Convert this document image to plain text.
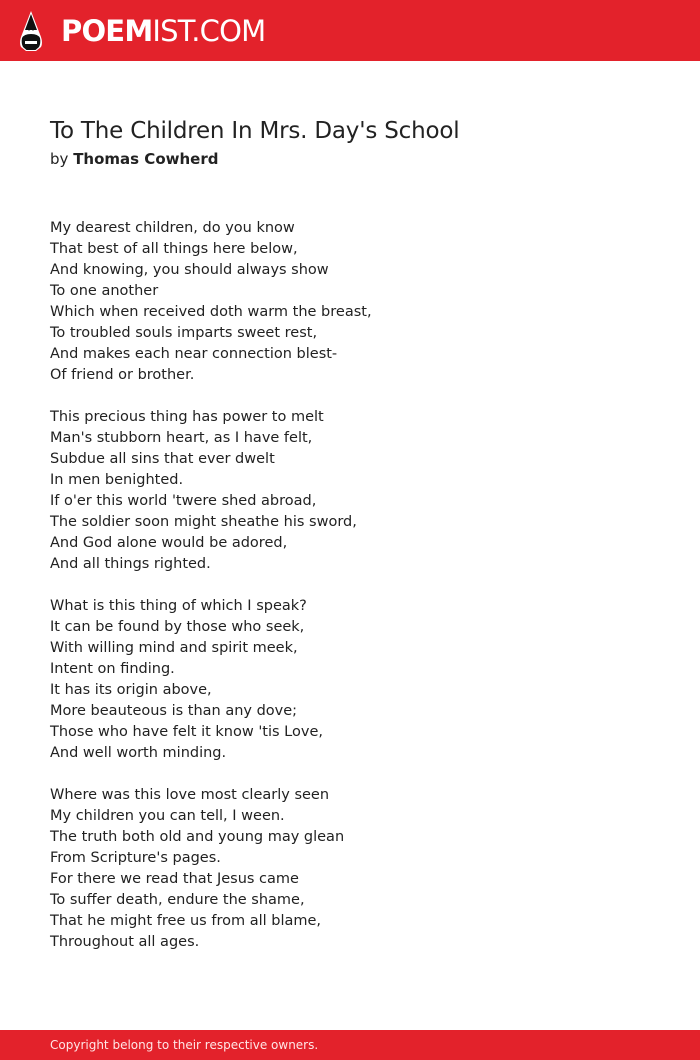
POEMIST.COM
To The Children In Mrs. Day's School
by Thomas Cowherd
My dearest children, do you know
That best of all things here below,
And knowing, you should always show
To one another
Which when received doth warm the breast,
To troubled souls imparts sweet rest,
And makes each near connection blest-
Of friend or brother.
This precious thing has power to melt
Man's stubborn heart, as I have felt,
Subdue all sins that ever dwelt
In men benighted.
If o'er this world 'twere shed abroad,
The soldier soon might sheathe his sword,
And God alone would be adored,
And all things righted.
What is this thing of which I speak?
It can be found by those who seek,
With willing mind and spirit meek,
Intent on finding.
It has its origin above,
More beauteous is than any dove;
Those who have felt it know 'tis Love,
And well worth minding.
Where was this love most clearly seen
My children you can tell, I ween.
The truth both old and young may glean
From Scripture's pages.
For there we read that Jesus came
To suffer death, endure the shame,
That he might free us from all blame,
Throughout all ages.
Copyright belong to their respective owners.
